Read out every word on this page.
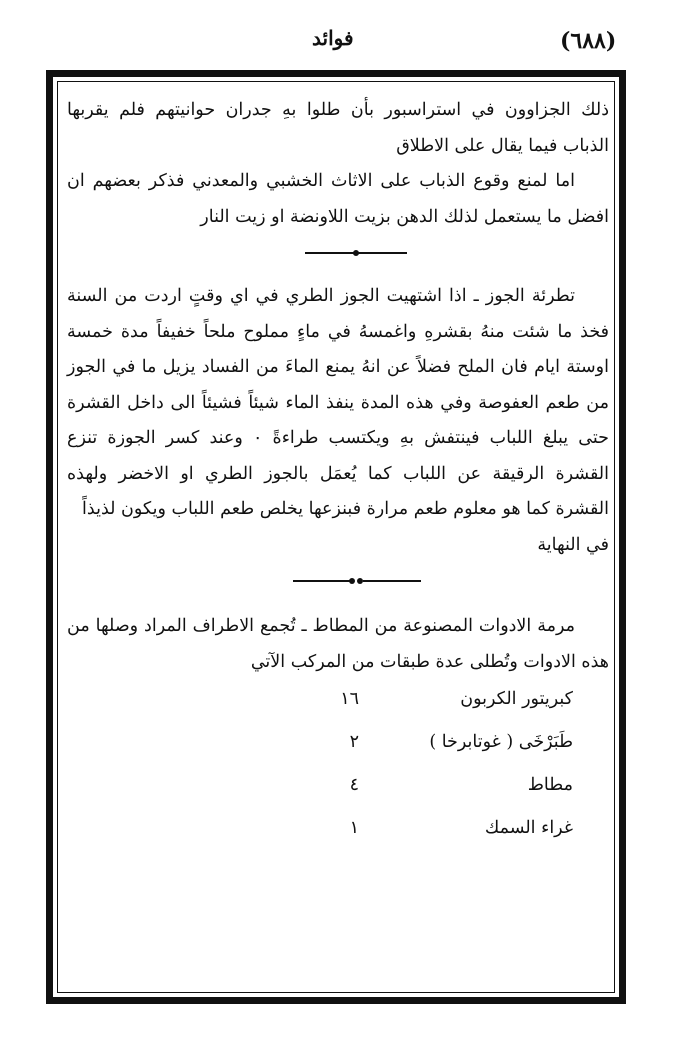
فوائد	(٦٨٨)

ذلك الجزاوون في استراسبور بأن طلوا بهِ جدران حوانيتهم فلم يقربها الذباب فيما يقال على الاطلاق

اما لمنع وقوع الذباب على الاثاث الخشبي والمعدني فذكر بعضهم ان افضل ما يستعمل لذلك الدهن بزيت اللاونضة او زيت النار

تطرئة الجوز ـ اذا اشتهيت الجوز الطري في اي وقتٍ اردت من السنة فخذ ما شئت منهُ بقشرهِ واغمسهُ في ماءٍ مملوح ملحاً خفيفاً مدة خمسة اوستة ايام فان الملح فضلاً عن انهُ يمنع الماءَ من الفساد يزيل ما في الجوز من طعم العفوصة وفي هذه المدة ينفذ الماء شيئاً فشيئاً الى داخل القشرة حتى يبلغ اللباب فينتفش بهِ ويكتسب طراءةً ٠ وعند كسر الجوزة تنزع القشرة الرقيقة عن اللباب كما يُعمَل بالجوز الطري او الاخضر ولهذه القشرة كما هو معلوم طعم مرارة فبنزعها يخلص طعم اللباب ويكون لذيذاً

في النهاية

مرمة الادوات المصنوعة من المطاط ـ تُجمع الاطراف المراد وصلها من هذه الادوات وتُطلى عدة طبقات من المركب الآتي

كبريتور الكربون
١٦
طَبَرْخَى ( غوتابرخا )
٢
مطاط
٤
غراء السمك
١
